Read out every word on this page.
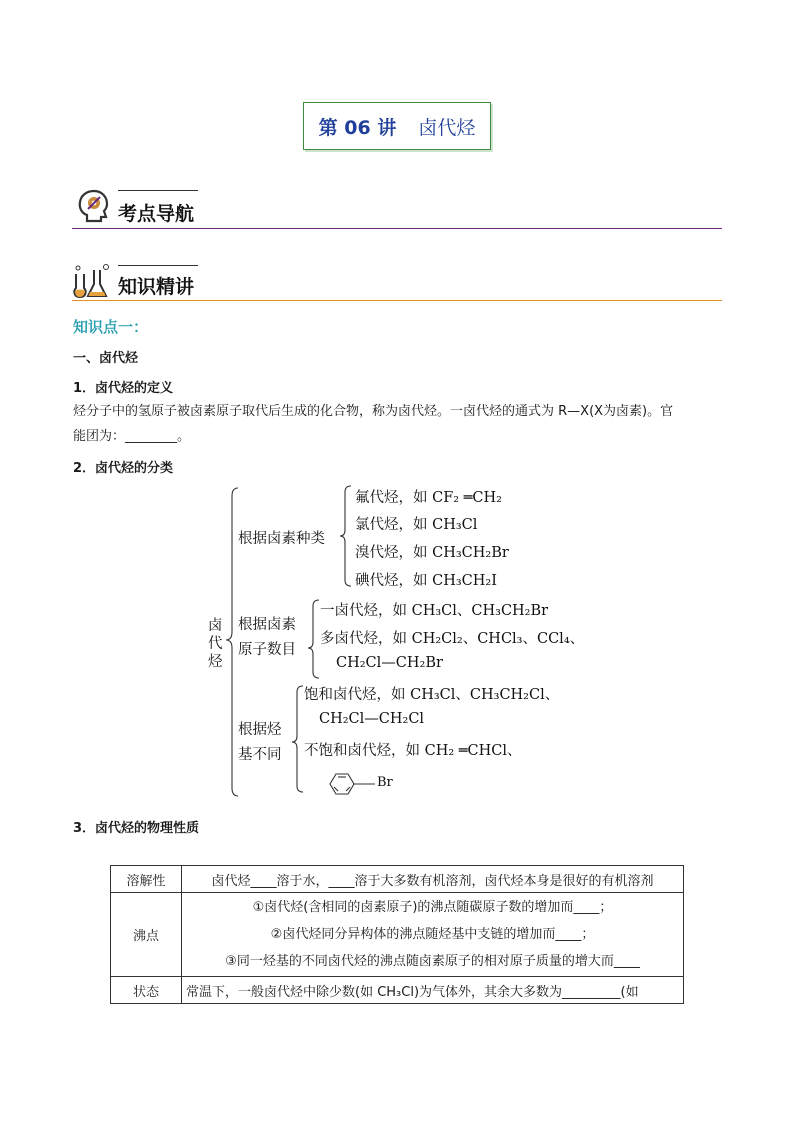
第 06 讲 卤代烃
考点导航
知识精讲
知识点一：
一、卤代烃
1．卤代烃的定义
烃分子中的氢原子被卤素原子取代后生成的化合物，称为卤代烃。一卤代烃的通式为 R—X(X为卤素)。官
能团为：________。
2．卤代烃的分类
卤
代
烃
根据卤素种类
氟代烃，如 CF₂ ═CH₂
氯代烃，如 CH₃Cl
溴代烃，如 CH₃CH₂Br
碘代烃，如 CH₃CH₂I
根据卤素
原子数目
一卤代烃，如 CH₃Cl、CH₃CH₂Br
多卤代烃，如 CH₂Cl₂、CHCl₃、CCl₄、
CH₂Cl—CH₂Br
根据烃
基不同
饱和卤代烃，如 CH₃Cl、CH₃CH₂Cl、
CH₂Cl—CH₂Cl
不饱和卤代烃，如 CH₂ ═CHCl、
Br
3．卤代烃的物理性质
溶解性	卤代烃____溶于水，____溶于大多数有机溶剂，卤代烃本身是很好的有机溶剂
沸点	①卤代烃(含相同的卤素原子)的沸点随碳原子数的增加而____；
②卤代烃同分异构体的沸点随烃基中支链的增加而____；
③同一烃基的不同卤代烃的沸点随卤素原子的相对原子质量的增大而____

状态	常温下，一般卤代烃中除少数(如 CH₃Cl)为气体外，其余大多数为_________(如
